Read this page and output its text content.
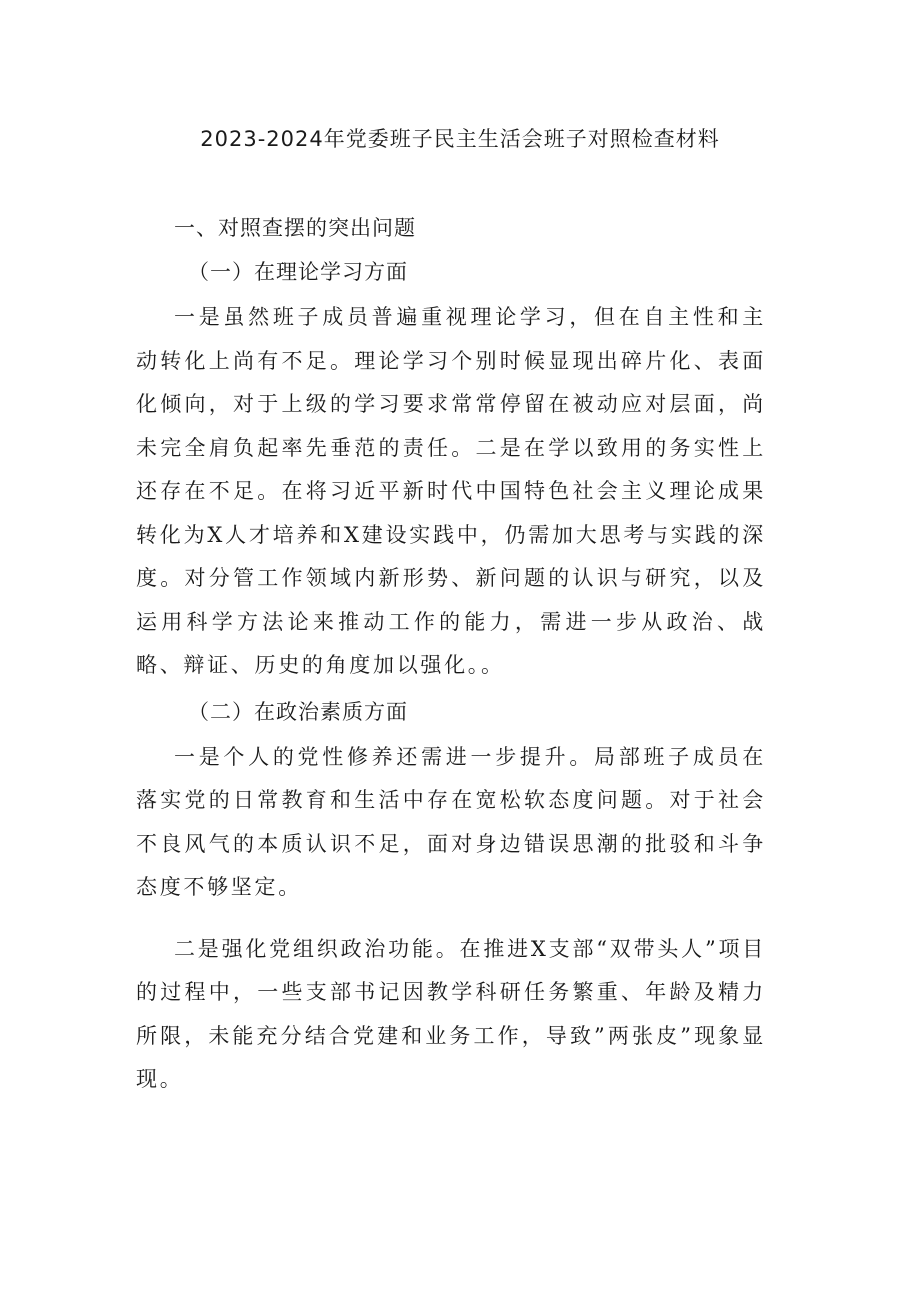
2023-2024年党委班子民主生活会班子对照检查材料
一、对照查摆的突出问题
（一）在理论学习方面

一是虽然班子成员普遍重视理论学习，但在自主性和主动转化上尚有不足。理论学习个别时候显现出碎片化、表面化倾向，对于上级的学习要求常常停留在被动应对层面，尚未完全肩负起率先垂范的责任。二是在学以致用的务实性上还存在不足。在将习近平新时代中国特色社会主义理论成果转化为X人才培养和X建设实践中，仍需加大思考与实践的深度。对分管工作领域内新形势、新问题的认识与研究，以及运用科学方法论来推动工作的能力，需进一步从政治、战略、辩证、历史的角度加以强化。。

（二）在政治素质方面

一是个人的党性修养还需进一步提升。局部班子成员在落实党的日常教育和生活中存在宽松软态度问题。对于社会不良风气的本质认识不足，面对身边错误思潮的批驳和斗争态度不够坚定。

二是强化党组织政治功能。在推进X支部“双带头人”项目的过程中，一些支部书记因教学科研任务繁重、年龄及精力所限，未能充分结合党建和业务工作，导致”两张皮”现象显现。
